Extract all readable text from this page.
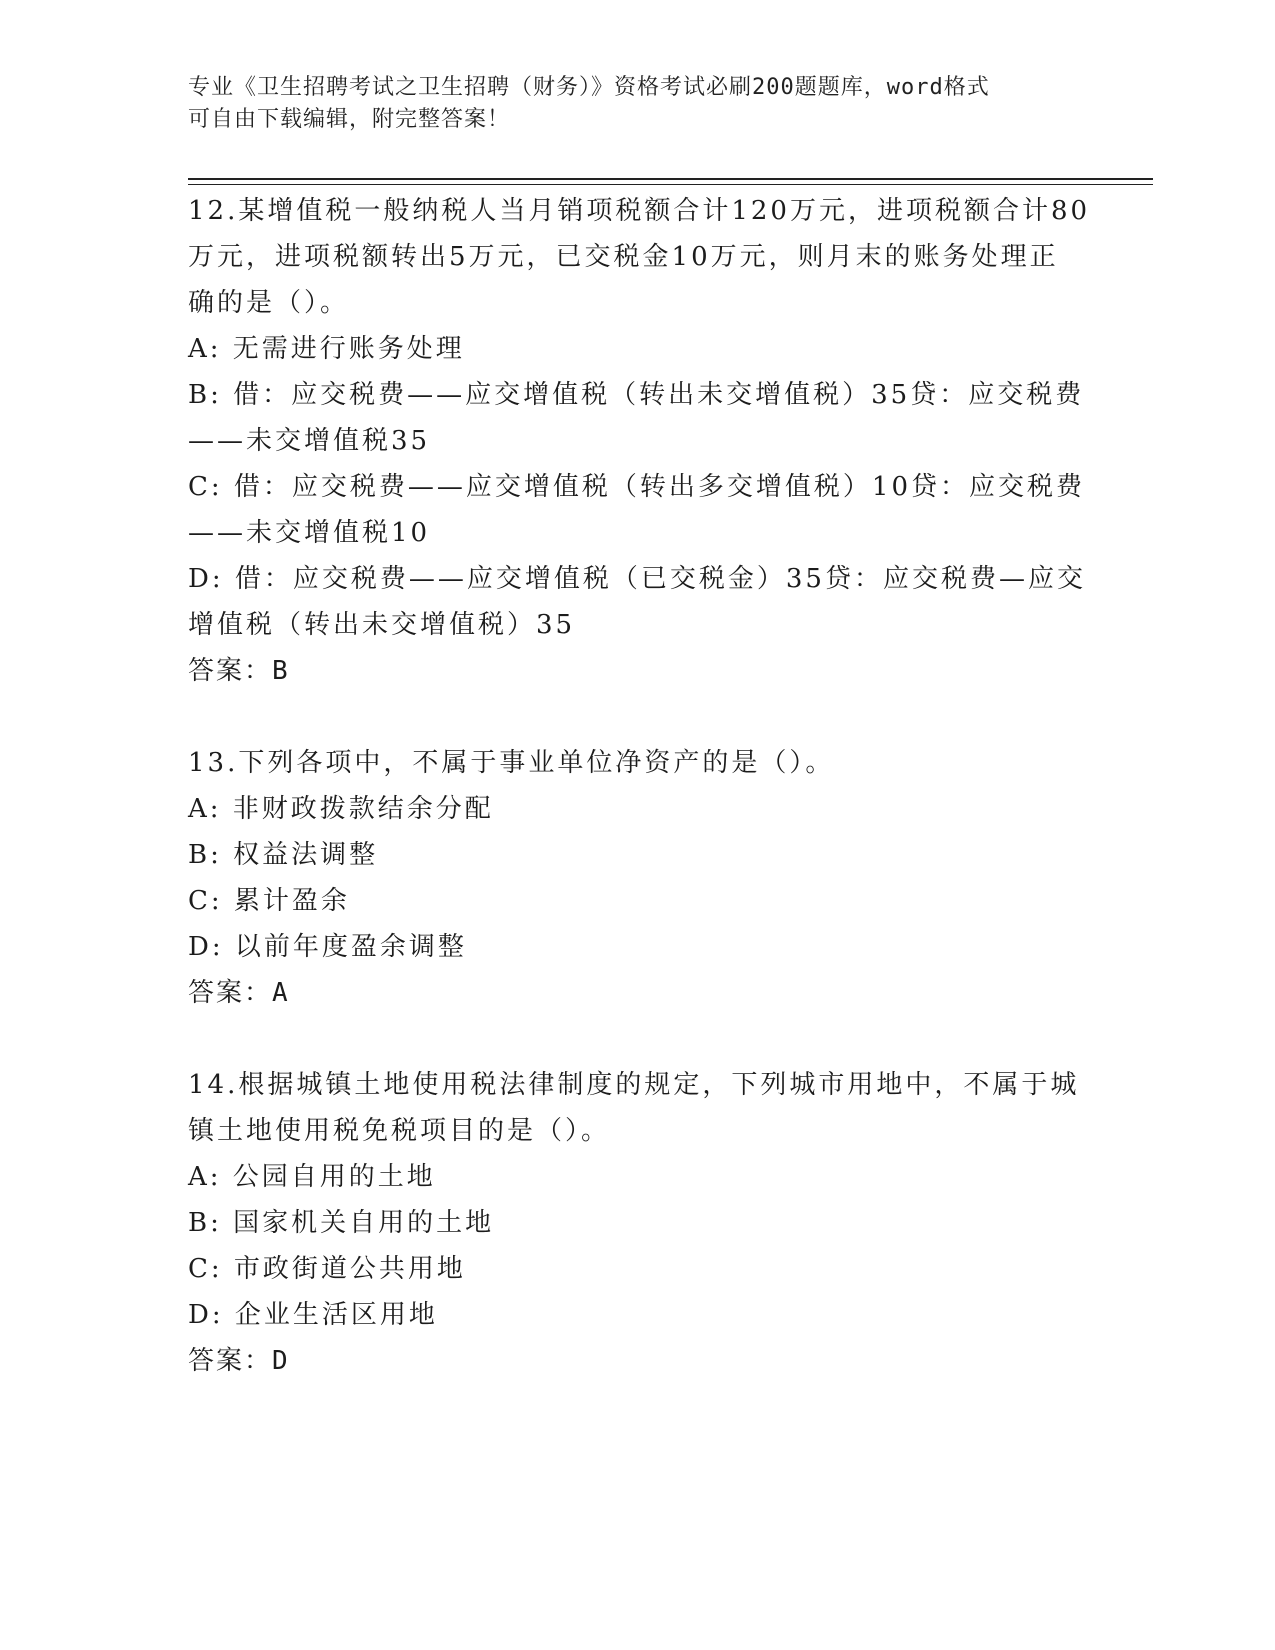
专业《卫生招聘考试之卫生招聘（财务）》资格考试必刷200题题库，word格式
可自由下载编辑，附完整答案！
12.某增值税一般纳税人当月销项税额合计120万元，进项税额合计80
万元，进项税额转出5万元，已交税金10万元，则月末的账务处理正
确的是（）。
A: 无需进行账务处理
B: 借：应交税费——应交增值税（转出未交增值税）35贷：应交税费
——未交增值税35
C: 借：应交税费——应交增值税（转出多交增值税）10贷：应交税费
——未交增值税10
D: 借：应交税费——应交增值税（已交税金）35贷：应交税费—应交
增值税（转出未交增值税）35
答案：B
13.下列各项中，不属于事业单位净资产的是（）。
A: 非财政拨款结余分配
B: 权益法调整
C: 累计盈余
D: 以前年度盈余调整
答案：A
14.根据城镇土地使用税法律制度的规定，下列城市用地中，不属于城
镇土地使用税免税项目的是（）。
A: 公园自用的土地
B: 国家机关自用的土地
C: 市政街道公共用地
D: 企业生活区用地
答案：D
